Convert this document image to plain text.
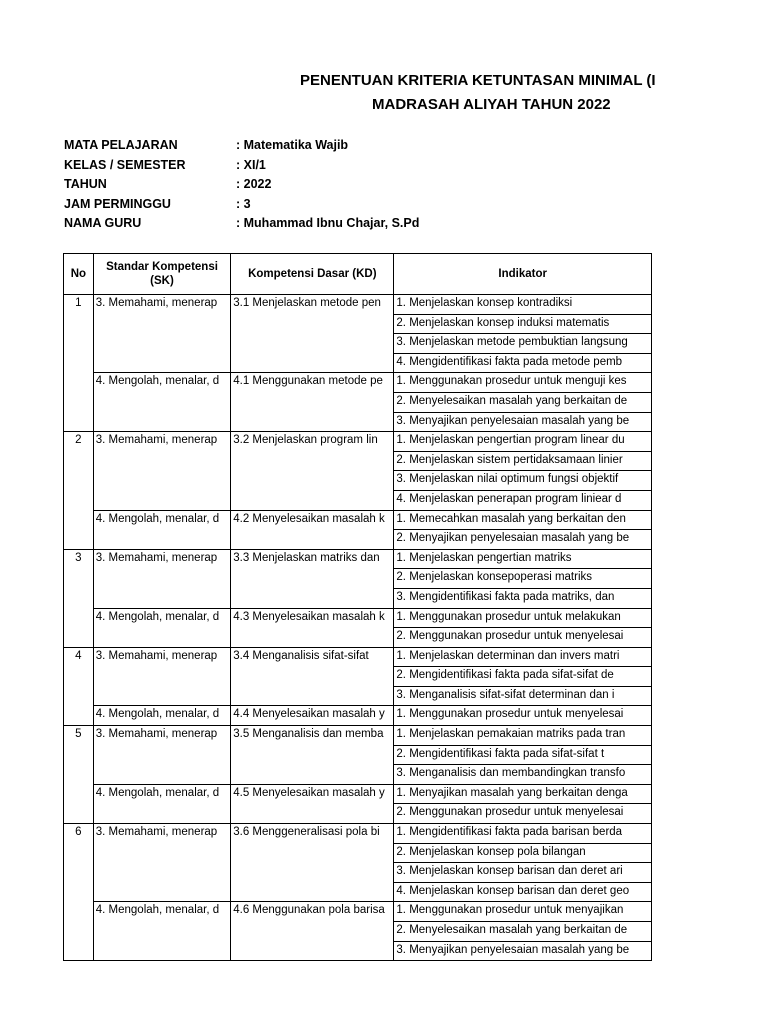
PENENTUAN KRITERIA KETUNTASAN MINIMAL (I
MADRASAH ALIYAH TAHUN 2022
MATA PELAJARAN	: Matematika Wajib
KELAS / SEMESTER	: XI/1
TAHUN	: 2022
JAM PERMINGGU	: 3
NAMA GURU	: Muhammad Ibnu Chajar, S.Pd
No	Standar Kompetensi (SK)	Kompetensi Dasar (KD)	Indikator
1	3. Memahami, menerap	3.1 Menjelaskan metode pen	1. Menjelaskan konsep kontradiksi
			2. Menjelaskan konsep induksi matematis
			3. Menjelaskan metode pembuktian langsung
			4. Mengidentifikasi fakta pada metode pemb
	4. Mengolah, menalar, d	4.1 Menggunakan metode pe	1. Menggunakan prosedur untuk menguji kes
			2. Menyelesaikan masalah yang berkaitan de
			3. Menyajikan penyelesaian masalah yang be
2	3. Memahami, menerap	3.2 Menjelaskan program lin	1. Menjelaskan pengertian program linear du
			2. Menjelaskan sistem pertidaksamaan linier
			3. Menjelaskan nilai optimum fungsi objektif
			4. Menjelaskan penerapan program liniear d
	4. Mengolah, menalar, d	4.2 Menyelesaikan masalah k	1. Memecahkan masalah yang berkaitan den
			2. Menyajikan penyelesaian masalah yang be
3	3. Memahami, menerap	3.3 Menjelaskan matriks dan	1. Menjelaskan pengertian matriks
			2. Menjelaskan konsepoperasi matriks
			3. Mengidentifikasi fakta pada matriks, dan
	4. Mengolah, menalar, d	4.3 Menyelesaikan masalah k	1. Menggunakan prosedur untuk melakukan
			2. Menggunakan prosedur untuk menyelesai
4	3. Memahami, menerap	3.4 Menganalisis sifat-sifat	1. Menjelaskan determinan dan invers matri
			2. Mengidentifikasi fakta pada sifat-sifat de
			3. Menganalisis sifat-sifat determinan dan i
	4. Mengolah, menalar, d	4.4 Menyelesaikan masalah y	1. Menggunakan prosedur untuk menyelesai
5	3. Memahami, menerap	3.5 Menganalisis dan memba	1. Menjelaskan pemakaian matriks pada tran
			2. Mengidentifikasi fakta pada sifat-sifat t
			3. Menganalisis dan membandingkan transfo
	4. Mengolah, menalar, d	4.5 Menyelesaikan masalah y	1. Menyajikan masalah yang berkaitan denga
			2. Menggunakan prosedur untuk menyelesai
6	3. Memahami, menerap	3.6 Menggeneralisasi pola bi	1. Mengidentifikasi fakta pada barisan berda
			2. Menjelaskan konsep pola bilangan
			3. Menjelaskan konsep barisan dan deret ari
			4. Menjelaskan konsep barisan dan deret geo
	4. Mengolah, menalar, d	4.6 Menggunakan pola barisa	1. Menggunakan prosedur untuk menyajikan
			2. Menyelesaikan masalah yang berkaitan de
			3. Menyajikan penyelesaian masalah yang be
